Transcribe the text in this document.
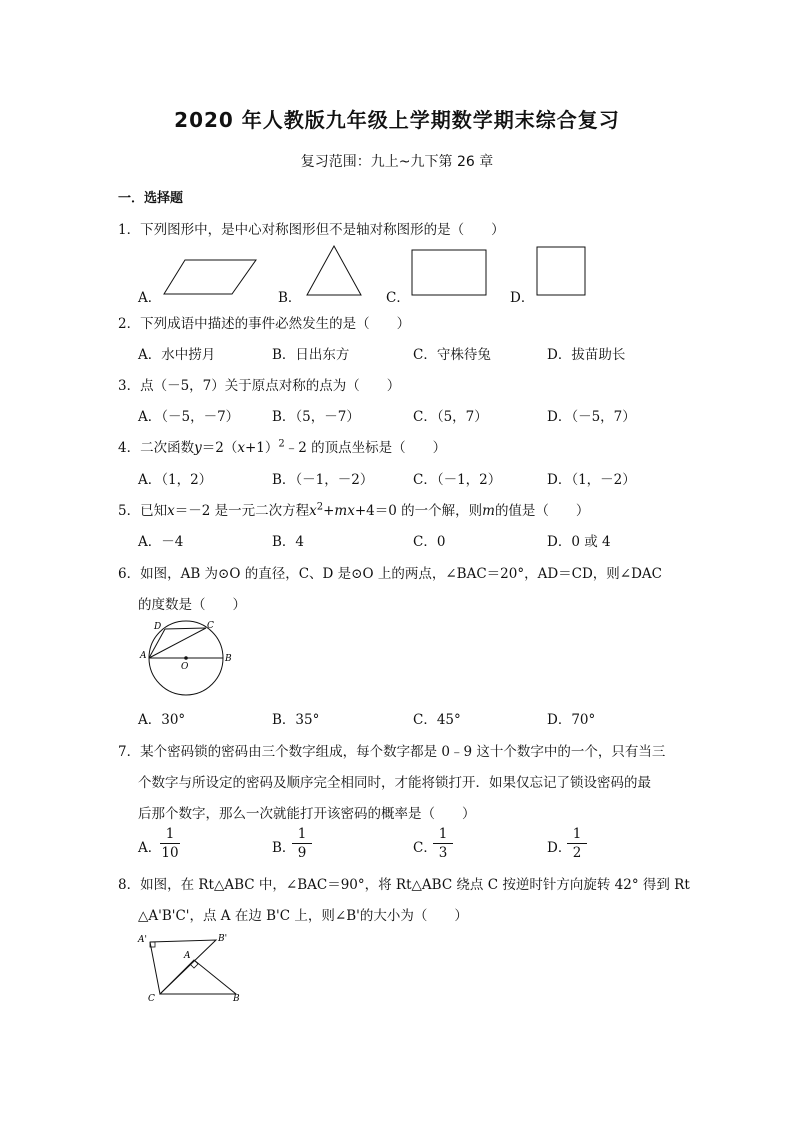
2020 年人教版九年级上学期数学期末综合复习
复习范围：九上~九下第 26 章
一．选择题
1．下列图形中，是中心对称图形但不是轴对称图形的是（　　）
A．	B．	C．	D．
2．下列成语中描述的事件必然发生的是（　　）
A．水中捞月	B．日出东方	C．守株待兔	D．拔苗助长
3．点（－5，7）关于原点对称的点为（　　）
A．（－5，－7） B．（5，－7）	C．（5，7）	D．（－5，7）
4．二次函数$y=2(x+1)^2﹣2$ 的顶点坐标是（　　）
A．（1，2）	B．（－1，－2）	C．（－1，2）	D．（1，－2）
5．已知x＝－2 是一元二次方程$x^2+mx+4=0$ 的一个解，则m的值是（　　）
A．－4	B．4	C．0	D．0 或 4
6．如图，AB 为⊙O 的直径，C、D 是⊙O 上的两点，∠BAC＝20°，AD＝CD，则∠DAC
的度数是（　　）
D	C
A
O
B
A．30°	B．35°	C．45°	D．70°
7．某个密码锁的密码由三个数字组成，每个数字都是 0﹣9 这十个数字中的一个，只有当三
个数字与所设定的密码及顺序完全相同时，才能将锁打开．如果仅忘记了锁设密码的最
后那个数字，那么一次就能打开该密码的概率是（　　）
A．
1
10	B．
1
9	C．
1
3	D．
1
2
8．如图，在 Rt△ABC 中，∠BAC＝90°，将 Rt△ABC 绕点 C 按逆时针方向旋转 42° 得到 Rt
△A'B'C'，点 A 在边 B'C 上，则∠B'的大小为（　　）
A'	B'
A
C	B
